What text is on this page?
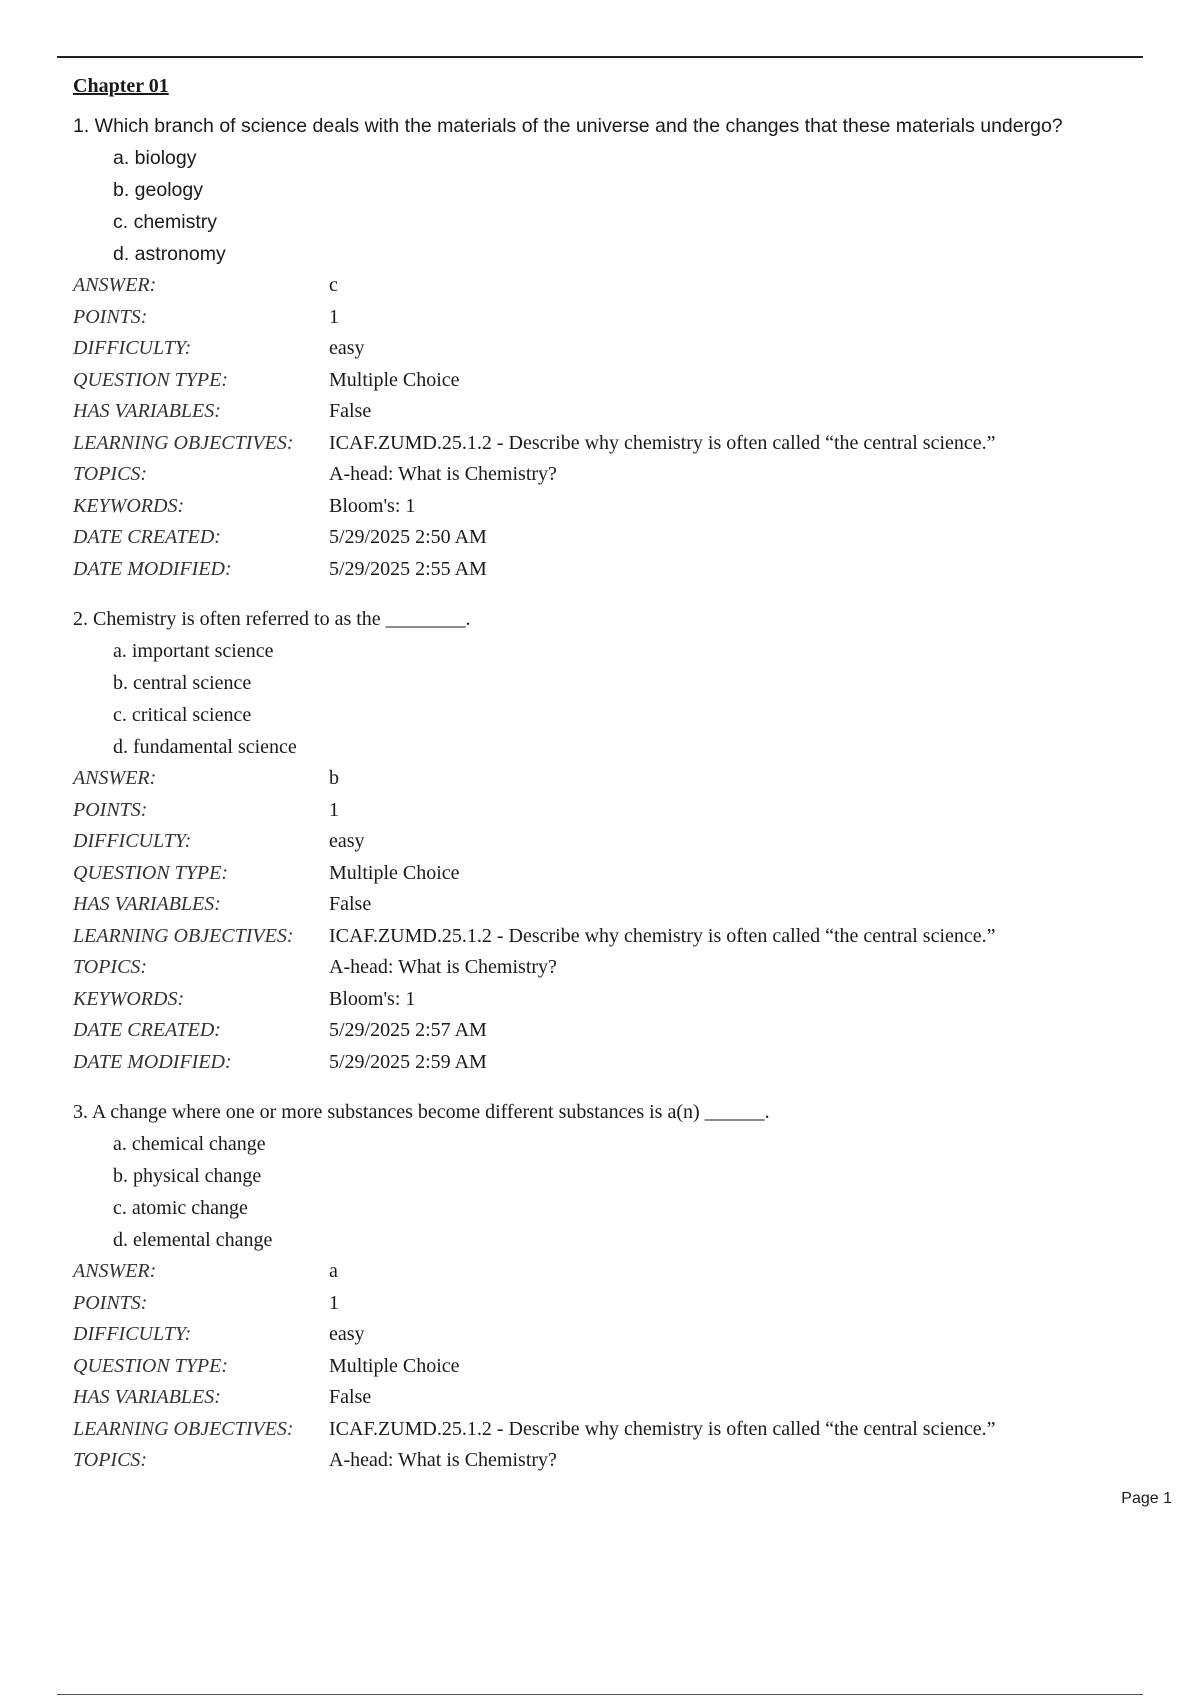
Chapter 01
1. Which branch of science deals with the materials of the universe and the changes that these materials undergo?
a. biology
b. geology
c. chemistry
d. astronomy
ANSWER:	c
POINTS:	1
DIFFICULTY:	easy
QUESTION TYPE:	Multiple Choice
HAS VARIABLES:	False
LEARNING OBJECTIVES:	ICAF.ZUMD.25.1.2 - Describe why chemistry is often called “the central science.”
TOPICS:	A-head: What is Chemistry?
KEYWORDS:	Bloom's: 1
DATE CREATED:	5/29/2025 2:50 AM
DATE MODIFIED:	5/29/2025 2:55 AM
2. Chemistry is often referred to as the ________.
a. important science
b. central science
c. critical science
d. fundamental science
ANSWER:	b
POINTS:	1
DIFFICULTY:	easy
QUESTION TYPE:	Multiple Choice
HAS VARIABLES:	False
LEARNING OBJECTIVES:	ICAF.ZUMD.25.1.2 - Describe why chemistry is often called “the central science.”
TOPICS:	A-head: What is Chemistry?
KEYWORDS:	Bloom's: 1
DATE CREATED:	5/29/2025 2:57 AM
DATE MODIFIED:	5/29/2025 2:59 AM
3. A change where one or more substances become different substances is a(n) ______.
a. chemical change
b. physical change
c. atomic change
d. elemental change
ANSWER:	a
POINTS:	1
DIFFICULTY:	easy
QUESTION TYPE:	Multiple Choice
HAS VARIABLES:	False
LEARNING OBJECTIVES:	ICAF.ZUMD.25.1.2 - Describe why chemistry is often called “the central science.”
TOPICS:	A-head: What is Chemistry?
Page 1
